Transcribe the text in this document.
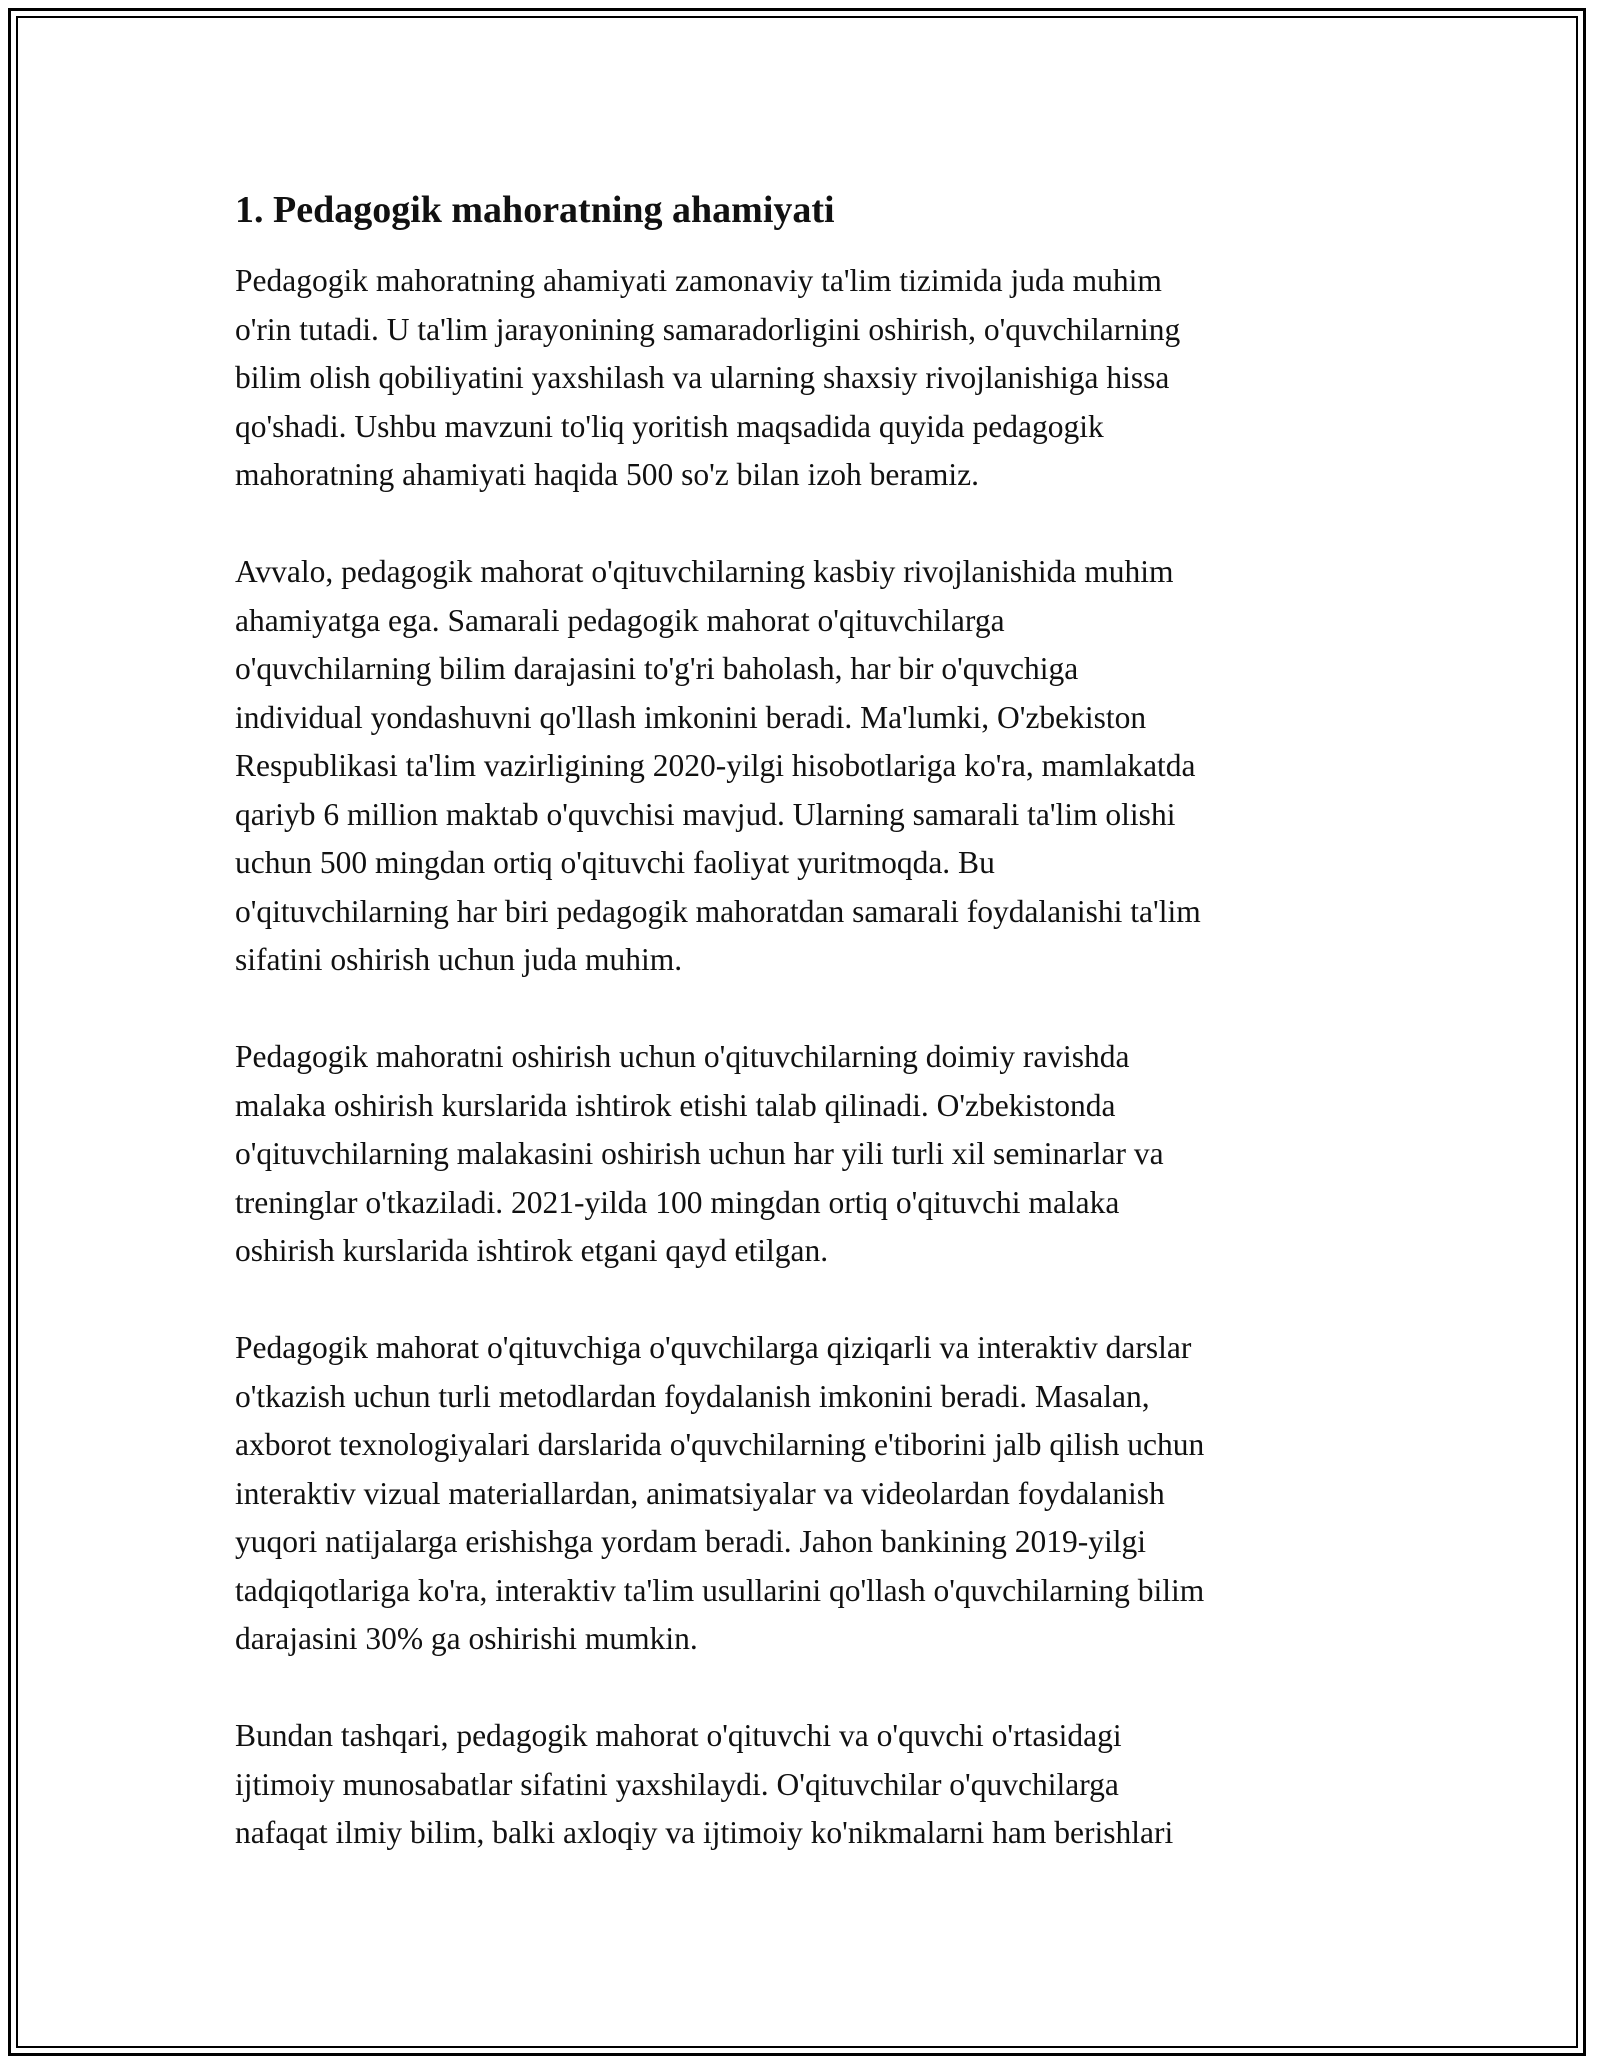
1. Pedagogik mahoratning ahamiyati

Pedagogik mahoratning ahamiyati zamonaviy ta'lim tizimida juda muhim
o'rin tutadi. U ta'lim jarayonining samaradorligini oshirish, o'quvchilarning
bilim olish qobiliyatini yaxshilash va ularning shaxsiy rivojlanishiga hissa
qo'shadi. Ushbu mavzuni to'liq yoritish maqsadida quyida pedagogik
mahoratning ahamiyati haqida 500 so'z bilan izoh beramiz.

Avvalo, pedagogik mahorat o'qituvchilarning kasbiy rivojlanishida muhim
ahamiyatga ega. Samarali pedagogik mahorat o'qituvchilarga
o'quvchilarning bilim darajasini to'g'ri baholash, har bir o'quvchiga
individual yondashuvni qo'llash imkonini beradi. Ma'lumki, O'zbekiston
Respublikasi ta'lim vazirligining 2020-yilgi hisobotlariga ko'ra, mamlakatda
qariyb 6 million maktab o'quvchisi mavjud. Ularning samarali ta'lim olishi
uchun 500 mingdan ortiq o'qituvchi faoliyat yuritmoqda. Bu
o'qituvchilarning har biri pedagogik mahoratdan samarali foydalanishi ta'lim
sifatini oshirish uchun juda muhim.

Pedagogik mahoratni oshirish uchun o'qituvchilarning doimiy ravishda
malaka oshirish kurslarida ishtirok etishi talab qilinadi. O'zbekistonda
o'qituvchilarning malakasini oshirish uchun har yili turli xil seminarlar va
treninglar o'tkaziladi. 2021-yilda 100 mingdan ortiq o'qituvchi malaka
oshirish kurslarida ishtirok etgani qayd etilgan.

Pedagogik mahorat o'qituvchiga o'quvchilarga qiziqarli va interaktiv darslar
o'tkazish uchun turli metodlardan foydalanish imkonini beradi. Masalan,
axborot texnologiyalari darslarida o'quvchilarning e'tiborini jalb qilish uchun
interaktiv vizual materiallardan, animatsiyalar va videolardan foydalanish
yuqori natijalarga erishishga yordam beradi. Jahon bankining 2019-yilgi
tadqiqotlariga ko'ra, interaktiv ta'lim usullarini qo'llash o'quvchilarning bilim
darajasini 30% ga oshirishi mumkin.

Bundan tashqari, pedagogik mahorat o'qituvchi va o'quvchi o'rtasidagi
ijtimoiy munosabatlar sifatini yaxshilaydi. O'qituvchilar o'quvchilarga
nafaqat ilmiy bilim, balki axloqiy va ijtimoiy ko'nikmalarni ham berishlari
